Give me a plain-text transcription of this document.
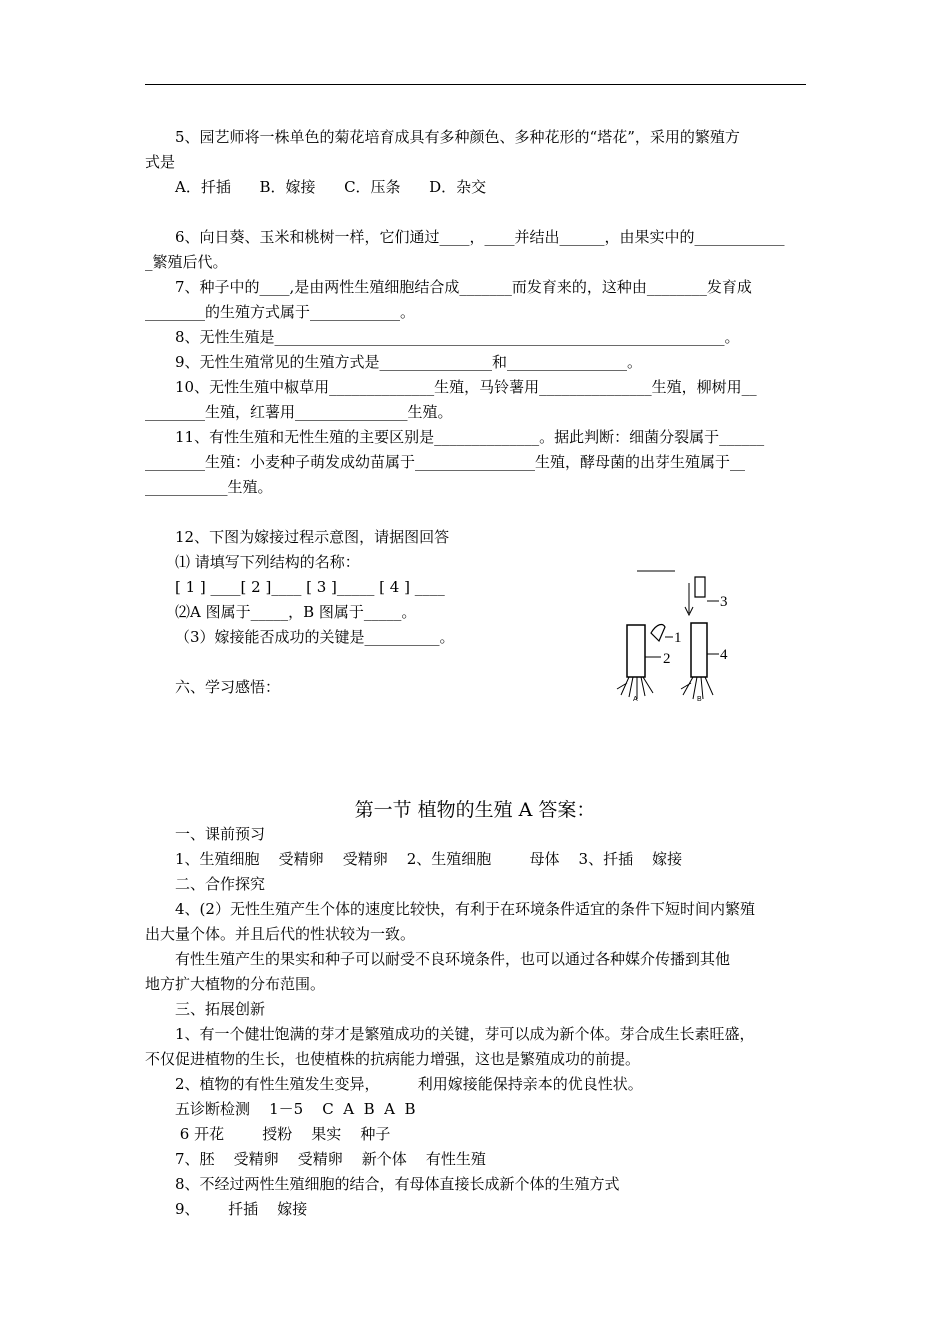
5、园艺师将一株单色的菊花培育成具有多种颜色、多种花形的“塔花”，采用的繁殖方
式是
A．扦插      B．嫁接      C．压条      D．杂交
6、向日葵、玉米和桃树一样，它们通过____，____并结出______，由果实中的____________
_繁殖后代。
7、种子中的____,是由两性生殖细胞结合成_______而发育来的，这种由________发育成
________的生殖方式属于____________。
8、无性生殖是____________________________________________________________。
9、无性生殖常见的生殖方式是_______________和________________。
10、无性生殖中椒草用______________生殖，马铃薯用_______________生殖，柳树用__
________生殖，红薯用_______________生殖。
11、有性生殖和无性生殖的主要区别是______________。据此判断：细菌分裂属于______
________生殖：小麦种子萌发成幼苗属于________________生殖，酵母菌的出芽生殖属于__
___________生殖。
12、下图为嫁接过程示意图，请据图回答
⑴ 请填写下列结构的名称：
[ 1 ] ____[ 2 ]____ [ 3 ]_____ [ 4 ] ____
⑵A 图属于_____，B 图属于_____。
（3）嫁接能否成功的关键是__________。
六、学习感悟：
1
2
3
4
A	B
第一节 植物的生殖 A 答案：
一、课前预习
1、生殖细胞    受精卵    受精卵    2、生殖细胞        母体    3、扦插    嫁接
二、合作探究
4、(2）无性生殖产生个体的速度比较快，有利于在环境条件适宜的条件下短时间内繁殖
出大量个体。并且后代的性状较为一致。
有性生殖产生的果实和种子可以耐受不良环境条件，也可以通过各种媒介传播到其他
地方扩大植物的分布范围。
三、拓展创新
1、有一个健壮饱满的芽才是繁殖成功的关键，芽可以成为新个体。芽合成生长素旺盛，
不仅促进植物的生长，也使植株的抗病能力增强，这也是繁殖成功的前提。
2、植物的有性生殖发生变异，        利用嫁接能保持亲本的优良性状。
五诊断检测    1－5    C  A  B  A  B
6 开花        授粉    果实    种子
7、胚    受精卵    受精卵    新个体    有性生殖
8、不经过两性生殖细胞的结合，有母体直接长成新个体的生殖方式
9、      扦插    嫁接
